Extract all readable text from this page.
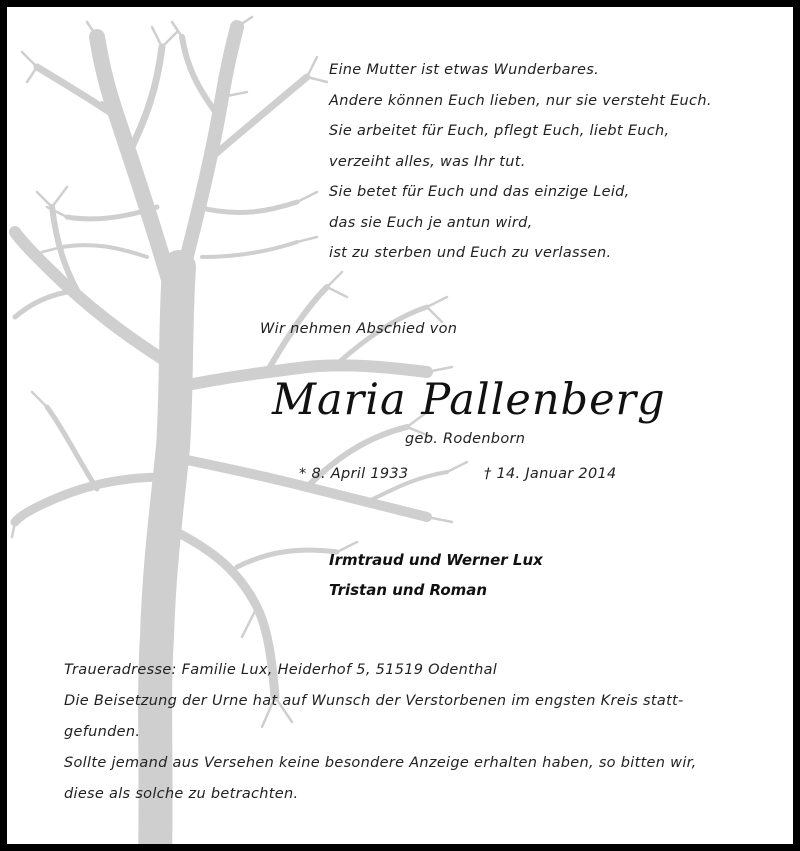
Eine Mutter ist etwas Wunderbares.
Andere können Euch lieben, nur sie versteht Euch.
Sie arbeitet für Euch, pflegt Euch, liebt Euch,
verzeiht alles, was Ihr tut.
Sie betet für Euch und das einzige Leid,
das sie Euch je antun wird,
ist zu sterben und Euch zu verlassen.
Wir nehmen Abschied von
Maria Pallenberg
geb. Rodenborn
* 8. April 1933	† 14. Januar 2014
Irmtraud und Werner Lux
Tristan und Roman
Traueradresse: Familie Lux, Heiderhof 5, 51519 Odenthal
Die Beisetzung der Urne hat auf Wunsch der Verstorbenen im engsten Kreis statt-
gefunden.
Sollte jemand aus Versehen keine besondere Anzeige erhalten haben, so bitten wir,
diese als solche zu betrachten.
